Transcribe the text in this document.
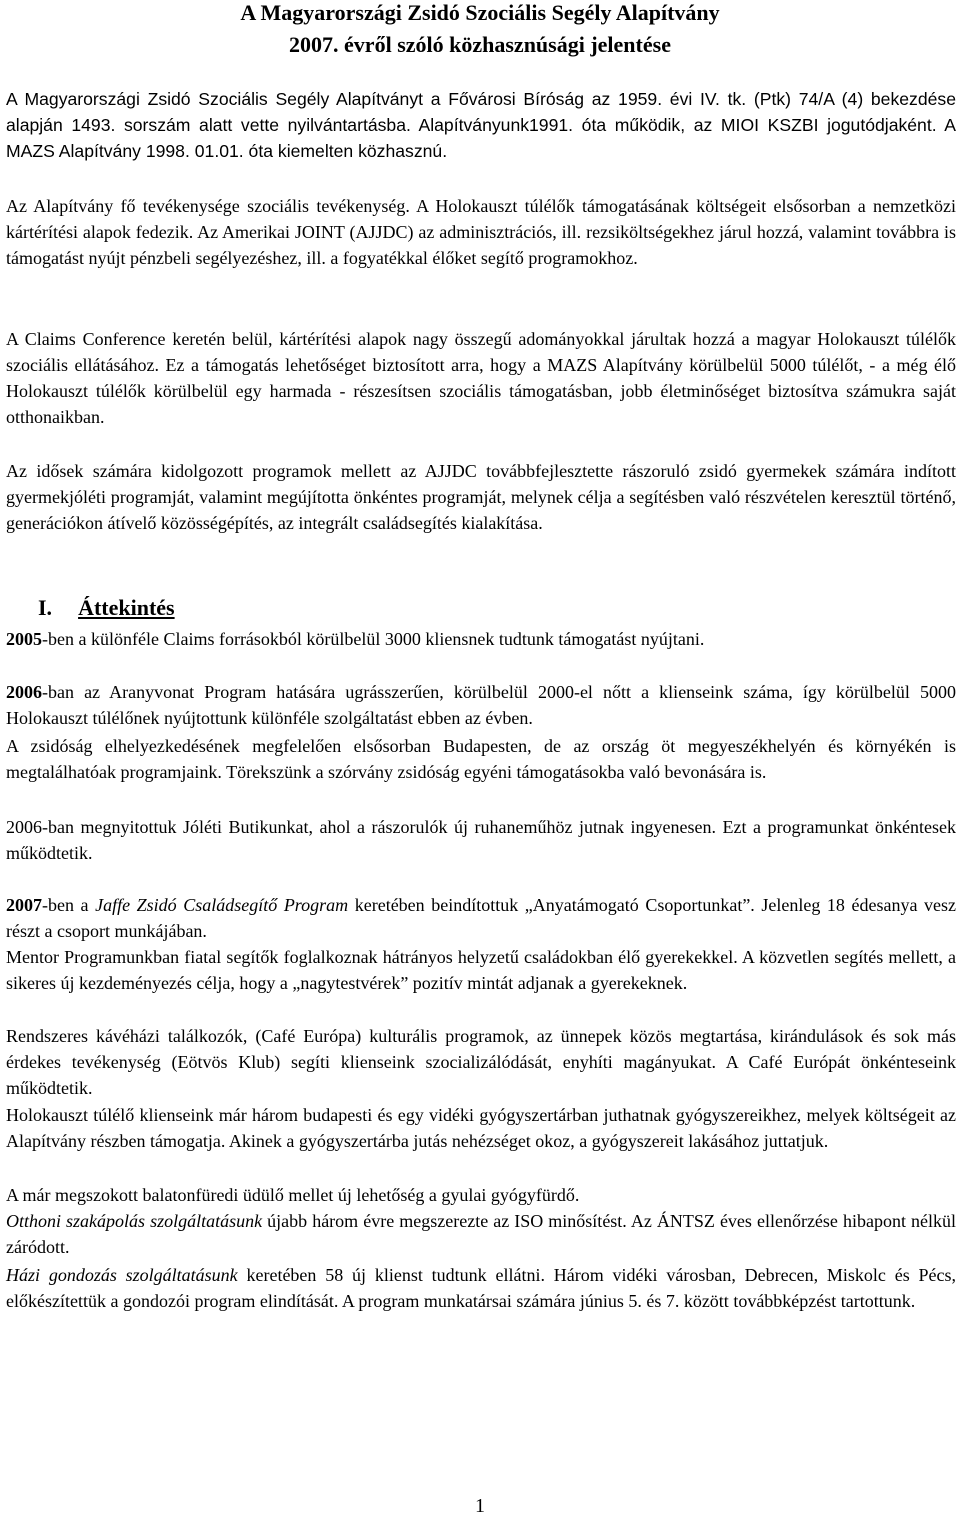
A Magyarországi Zsidó Szociális Segély Alapítvány
2007. évről szóló közhasznúsági jelentése

A Magyarországi Zsidó Szociális Segély Alapítványt a Fővárosi Bíróság az 1959. évi IV. tk. (Ptk) 74/A (4) bekezdése alapján 1493. sorszám alatt vette nyilvántartásba. Alapítványunk1991. óta működik, az MIOI KSZBI jogutódjaként. A MAZS Alapítvány 1998. 01.01. óta kiemelten közhasznú.

Az Alapítvány fő tevékenysége szociális tevékenység. A Holokauszt túlélők támogatásának költségeit elsősorban a nemzetközi kártérítési alapok fedezik. Az Amerikai JOINT (AJJDC) az adminisztrációs, ill. rezsiköltségekhez járul hozzá, valamint továbbra is támogatást nyújt pénzbeli segélyezéshez, ill. a fogyatékkal élőket segítő programokhoz.

A Claims Conference keretén belül, kártérítési alapok nagy összegű adományokkal járultak hozzá a magyar Holokauszt túlélők szociális ellátásához. Ez a támogatás lehetőséget biztosított arra, hogy a MAZS Alapítvány körülbelül 5000 túlélőt, - a még élő Holokauszt túlélők körülbelül egy harmada - részesítsen szociális támogatásban, jobb életminőséget biztosítva számukra saját otthonaikban.

Az idősek számára kidolgozott programok mellett az AJJDC továbbfejlesztette rászoruló zsidó gyermekek számára indított gyermekjóléti programját, valamint megújította önkéntes programját, melynek célja a segítésben való részvételen keresztül történő, generációkon átívelő közösségépítés, az integrált családsegítés kialakítása.

I. Áttekintés

2005-ben a különféle Claims forrásokból körülbelül 3000 kliensnek tudtunk támogatást nyújtani.

2006-ban az Aranyvonat Program hatására ugrásszerűen, körülbelül 2000-el nőtt a klienseink száma, így körülbelül 5000 Holokauszt túlélőnek nyújtottunk különféle szolgáltatást ebben az évben.

A zsidóság elhelyezkedésének megfelelően elsősorban Budapesten, de az ország öt megyeszékhelyén és környékén is megtalálhatóak programjaink. Törekszünk a szórvány zsidóság egyéni támogatásokba való bevonására is.

2006-ban megnyitottuk Jóléti Butikunkat, ahol a rászorulók új ruhaneműhöz jutnak ingyenesen. Ezt a programunkat önkéntesek működtetik.

2007-ben a Jaffe Zsidó Családsegítő Program keretében beindítottuk „Anyatámogató Csoportunkat”. Jelenleg 18 édesanya vesz részt a csoport munkájában.

Mentor Programunkban fiatal segítők foglalkoznak hátrányos helyzetű családokban élő gyerekekkel. A közvetlen segítés mellett, a sikeres új kezdeményezés célja, hogy a „nagytestvérek” pozitív mintát adjanak a gyerekeknek.

Rendszeres kávéházi találkozók, (Café Európa) kulturális programok, az ünnepek közös megtartása, kirándulások és sok más érdekes tevékenység (Eötvös Klub) segíti klienseink szocializálódását, enyhíti magányukat. A Café Európát önkénteseink működtetik.

Holokauszt túlélő klienseink már három budapesti és egy vidéki gyógyszertárban juthatnak gyógyszereikhez, melyek költségeit az Alapítvány részben támogatja. Akinek a gyógyszertárba jutás nehézséget okoz, a gyógyszereit lakásához juttatjuk.

A már megszokott balatonfüredi üdülő mellet új lehetőség a gyulai gyógyfürdő.

Otthoni szakápolás szolgáltatásunk újabb három évre megszerezte az ISO minősítést. Az ÁNTSZ éves ellenőrzése hibapont nélkül záródott.

Házi gondozás szolgáltatásunk keretében 58 új klienst tudtunk ellátni. Három vidéki városban, Debrecen, Miskolc és Pécs, előkészítettük a gondozói program elindítását. A program munkatársai számára június 5. és 7. között továbbképzést tartottunk.

1
